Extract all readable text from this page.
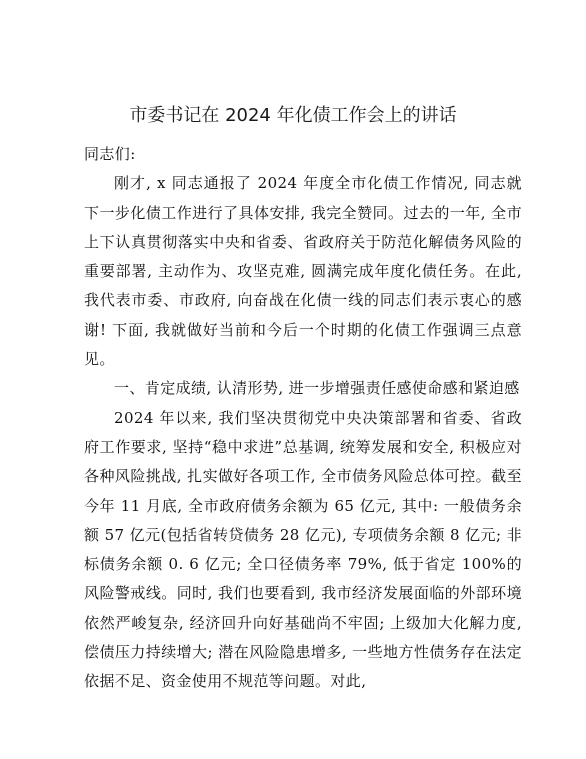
市委书记在 2024 年化债工作会上的讲话

同志们:

刚才, x 同志通报了 2024 年度全市化债工作情况, 同志就下一步化债工作进行了具体安排, 我完全赞同。过去的一年, 全市上下认真贯彻落实中央和省委、省政府关于防范化解债务风险的重要部署, 主动作为、攻坚克难, 圆满完成年度化债任务。在此, 我代表市委、市政府, 向奋战在化债一线的同志们表示衷心的感谢! 下面, 我就做好当前和今后一个时期的化债工作强调三点意见。

一、肯定成绩, 认清形势, 进一步增强责任感使命感和紧迫感

2024 年以来, 我们坚决贯彻党中央决策部署和省委、省政府工作要求, 坚持“稳中求进”总基调, 统筹发展和安全, 积极应对各种风险挑战, 扎实做好各项工作, 全市债务风险总体可控。截至今年 11 月底, 全市政府债务余额为 65 亿元, 其中: 一般债务余额 57 亿元(包括省转贷债务 28 亿元), 专项债务余额 8 亿元; 非标债务余额 0. 6 亿元; 全口径债务率 79%, 低于省定 100%的风险警戒线。同时, 我们也要看到, 我市经济发展面临的外部环境依然严峻复杂, 经济回升向好基础尚不牢固; 上级加大化解力度, 偿债压力持续增大; 潜在风险隐患增多, 一些地方性债务存在法定依据不足、资金使用不规范等问题。对此,
